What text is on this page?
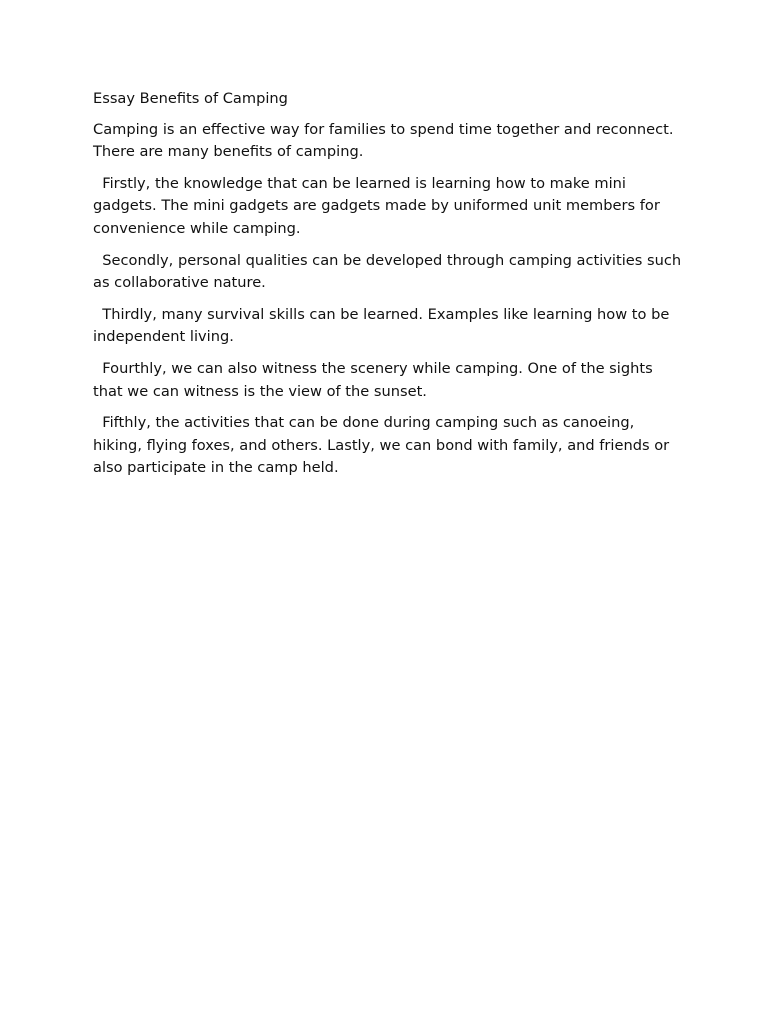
Essay Benefits of Camping

Camping is an effective way for families to spend time together and reconnect. There are many benefits of camping.

Firstly, the knowledge that can be learned is learning how to make mini gadgets. The mini gadgets are gadgets made by uniformed unit members for convenience while camping.

Secondly, personal qualities can be developed through camping activities such as collaborative nature.

Thirdly, many survival skills can be learned. Examples like learning how to be independent living.

Fourthly, we can also witness the scenery while camping. One of the sights that we can witness is the view of the sunset.

Fifthly, the activities that can be done during camping such as canoeing, hiking, flying foxes, and others. Lastly, we can bond with family, and friends or also participate in the camp held.
